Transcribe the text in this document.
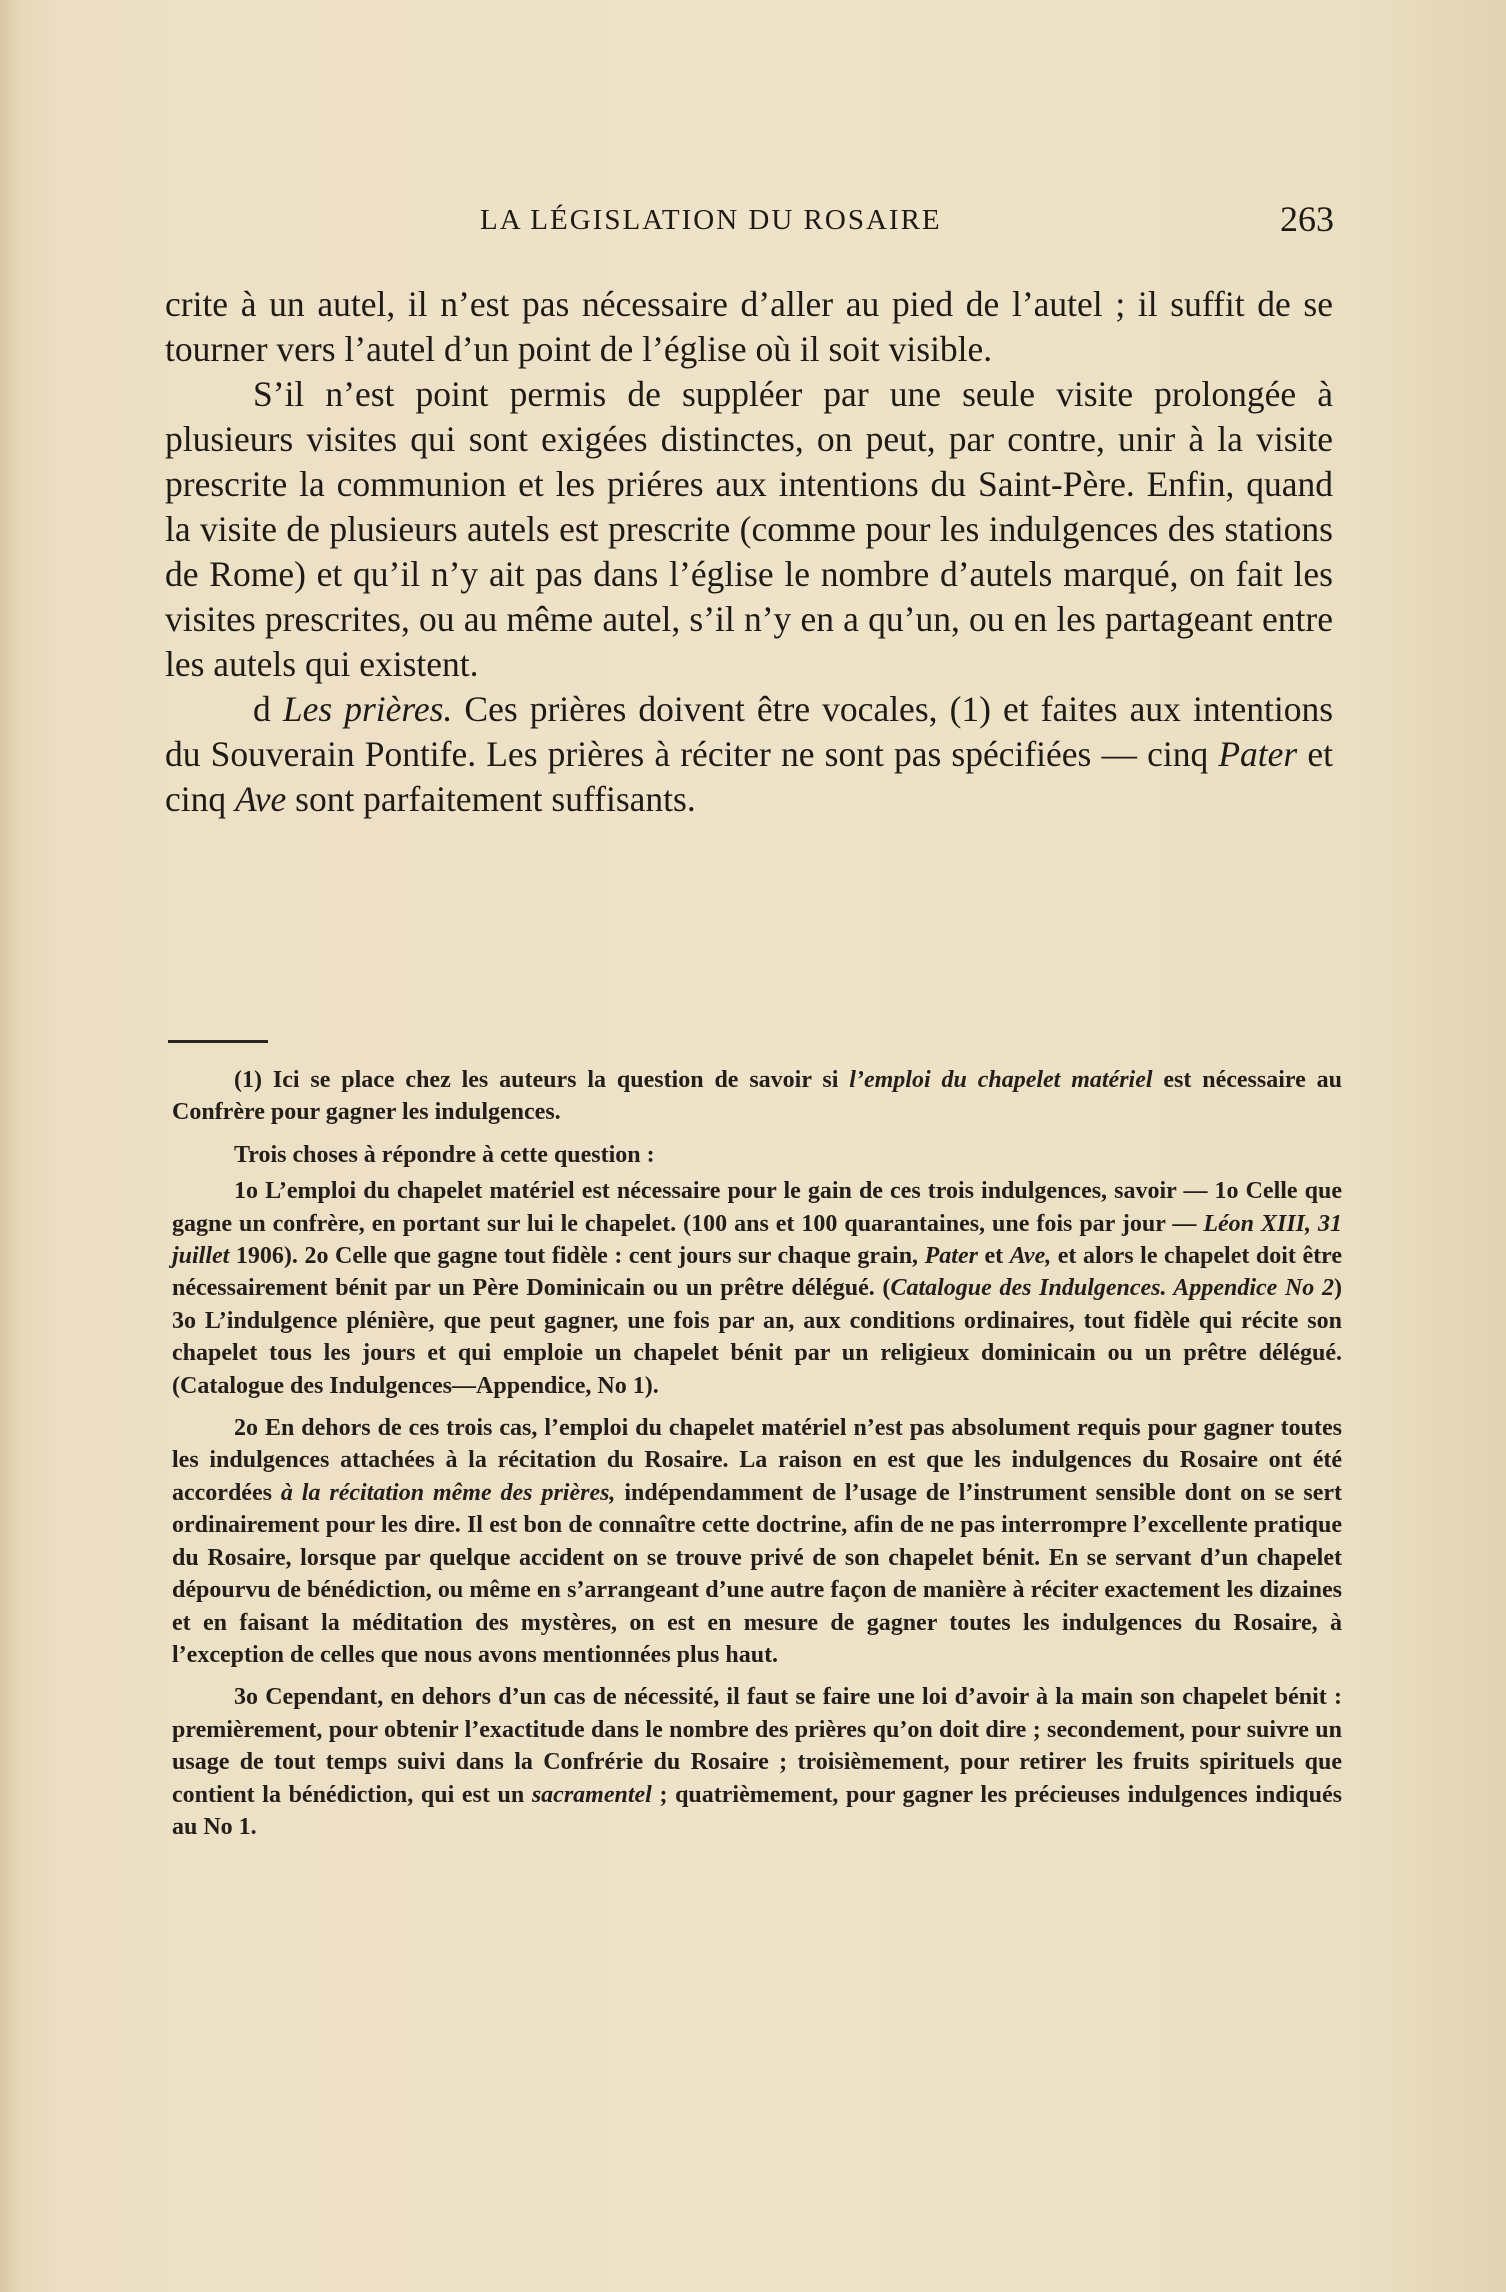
LA LÉGISLATION DU ROSAIRE	263

crite à un autel, il n’est pas nécessaire d’aller au pied de l’autel ; il suffit de se tourner vers l’autel d’un point de l’église où il soit visible.

S’il n’est point permis de suppléer par une seule visite prolongée à plusieurs visites qui sont exigées distinctes, on peut, par contre, unir à la visite prescrite la communion et les priéres aux intentions du Saint-Père. Enfin, quand la visite de plusieurs autels est prescrite (comme pour les indulgences des stations de Rome) et qu’il n’y ait pas dans l’église le nombre d’autels marqué, on fait les visites prescrites, ou au même autel, s’il n’y en a qu’un, ou en les partageant entre les autels qui existent.

d Les prières. Ces prières doivent être vocales, (1) et faites aux intentions du Souverain Pontife. Les prières à réciter ne sont pas spécifiées — cinq Pater et cinq Ave sont parfaitement suffisants.

(1) Ici se place chez les auteurs la question de savoir si l’emploi du chapelet matériel est nécessaire au Confrère pour gagner les indulgences.

Trois choses à répondre à cette question :

1o L’emploi du chapelet matériel est nécessaire pour le gain de ces trois indulgences, savoir — 1o Celle que gagne un confrère, en portant sur lui le chapelet. (100 ans et 100 quarantaines, une fois par jour — Léon XIII, 31 juillet 1906). 2o Celle que gagne tout fidèle : cent jours sur chaque grain, Pater et Ave, et alors le chapelet doit être nécessairement bénit par un Père Dominicain ou un prêtre délégué. (Catalogue des Indulgences. Appendice No 2) 3o L’indulgence plénière, que peut gagner, une fois par an, aux conditions ordinaires, tout fidèle qui récite son chapelet tous les jours et qui emploie un chapelet bénit par un religieux dominicain ou un prêtre délégué. (Catalogue des Indulgences—Appendice, No 1).

2o En dehors de ces trois cas, l’emploi du chapelet matériel n’est pas absolument requis pour gagner toutes les indulgences attachées à la récitation du Rosaire. La raison en est que les indulgences du Rosaire ont été accordées à la récitation même des prières, indépendamment de l’usage de l’instrument sensible dont on se sert ordinairement pour les dire. Il est bon de connaître cette doctrine, afin de ne pas interrompre l’excellente pratique du Rosaire, lorsque par quelque accident on se trouve privé de son chapelet bénit. En se servant d’un chapelet dépourvu de bénédiction, ou même en s’arrangeant d’une autre façon de manière à réciter exactement les dizaines et en faisant la méditation des mystères, on est en mesure de gagner toutes les indulgences du Rosaire, à l’exception de celles que nous avons mentionnées plus haut.

3o Cependant, en dehors d’un cas de nécessité, il faut se faire une loi d’avoir à la main son chapelet bénit : premièrement, pour obtenir l’exactitude dans le nombre des prières qu’on doit dire ; secondement, pour suivre un usage de tout temps suivi dans la Confrérie du Rosaire ; troisièmement, pour retirer les fruits spirituels que contient la bénédiction, qui est un sacramentel ; quatrièmement, pour gagner les précieuses indulgences indiqués au No 1.
